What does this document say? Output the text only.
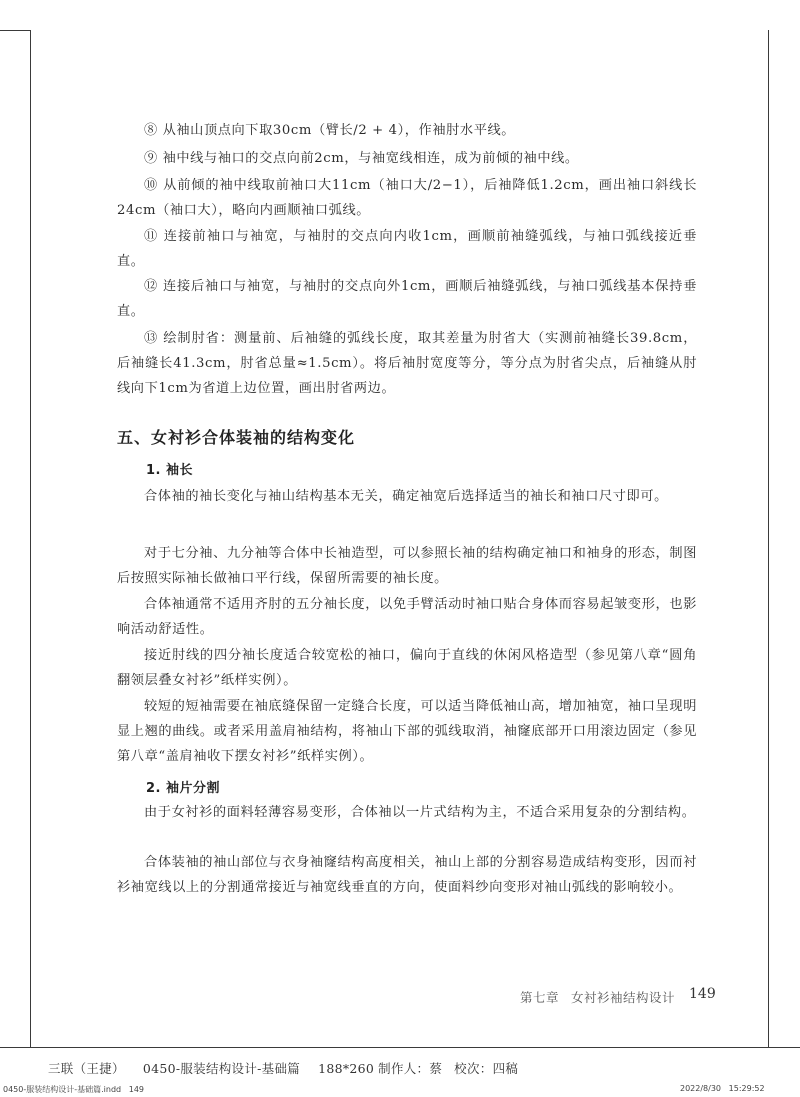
⑧ 从袖山顶点向下取30cm（臂长/2 + 4），作袖肘水平线。

⑨ 袖中线与袖口的交点向前2cm，与袖宽线相连，成为前倾的袖中线。

⑩ 从前倾的袖中线取前袖口大11cm（袖口大/2−1），后袖降低1.2cm，画出袖口斜线长24cm（袖口大），略向内画顺袖口弧线。

⑪ 连接前袖口与袖宽，与袖肘的交点向内收1cm，画顺前袖缝弧线，与袖口弧线接近垂直。

⑫ 连接后袖口与袖宽，与袖肘的交点向外1cm，画顺后袖缝弧线，与袖口弧线基本保持垂直。

⑬ 绘制肘省：测量前、后袖缝的弧线长度，取其差量为肘省大（实测前袖缝长39.8cm，后袖缝长41.3cm，肘省总量≈1.5cm）。将后袖肘宽度等分，等分点为肘省尖点，后袖缝从肘线向下1cm为省道上边位置，画出肘省两边。

五、女衬衫合体装袖的结构变化
1. 袖长

合体袖的袖长变化与袖山结构基本无关，确定袖宽后选择适当的袖长和袖口尺寸即可。

对于七分袖、九分袖等合体中长袖造型，可以参照长袖的结构确定袖口和袖身的形态，制图后按照实际袖长做袖口平行线，保留所需要的袖长度。

合体袖通常不适用齐肘的五分袖长度，以免手臂活动时袖口贴合身体而容易起皱变形，也影响活动舒适性。

接近肘线的四分袖长度适合较宽松的袖口，偏向于直线的休闲风格造型（参见第八章“圆角翻领层叠女衬衫”纸样实例）。

较短的短袖需要在袖底缝保留一定缝合长度，可以适当降低袖山高，增加袖宽，袖口呈现明显上翘的曲线。或者采用盖肩袖结构，将袖山下部的弧线取消，袖窿底部开口用滚边固定（参见第八章“盖肩袖收下摆女衬衫”纸样实例）。

2. 袖片分割

由于女衬衫的面料轻薄容易变形，合体袖以一片式结构为主，不适合采用复杂的分割结构。

合体装袖的袖山部位与衣身袖窿结构高度相关，袖山上部的分割容易造成结构变形，因而衬衫袖宽线以上的分割通常接近与袖宽线垂直的方向，使面料纱向变形对袖山弧线的影响较小。

第七章 女衬衫袖结构设计 149
三联（王捷） 0450-服装结构设计-基础篇 188*260 制作人：蔡 校次：四稿
0450-服装结构设计-基础篇.indd   149	2022/8/30   15:29:52
